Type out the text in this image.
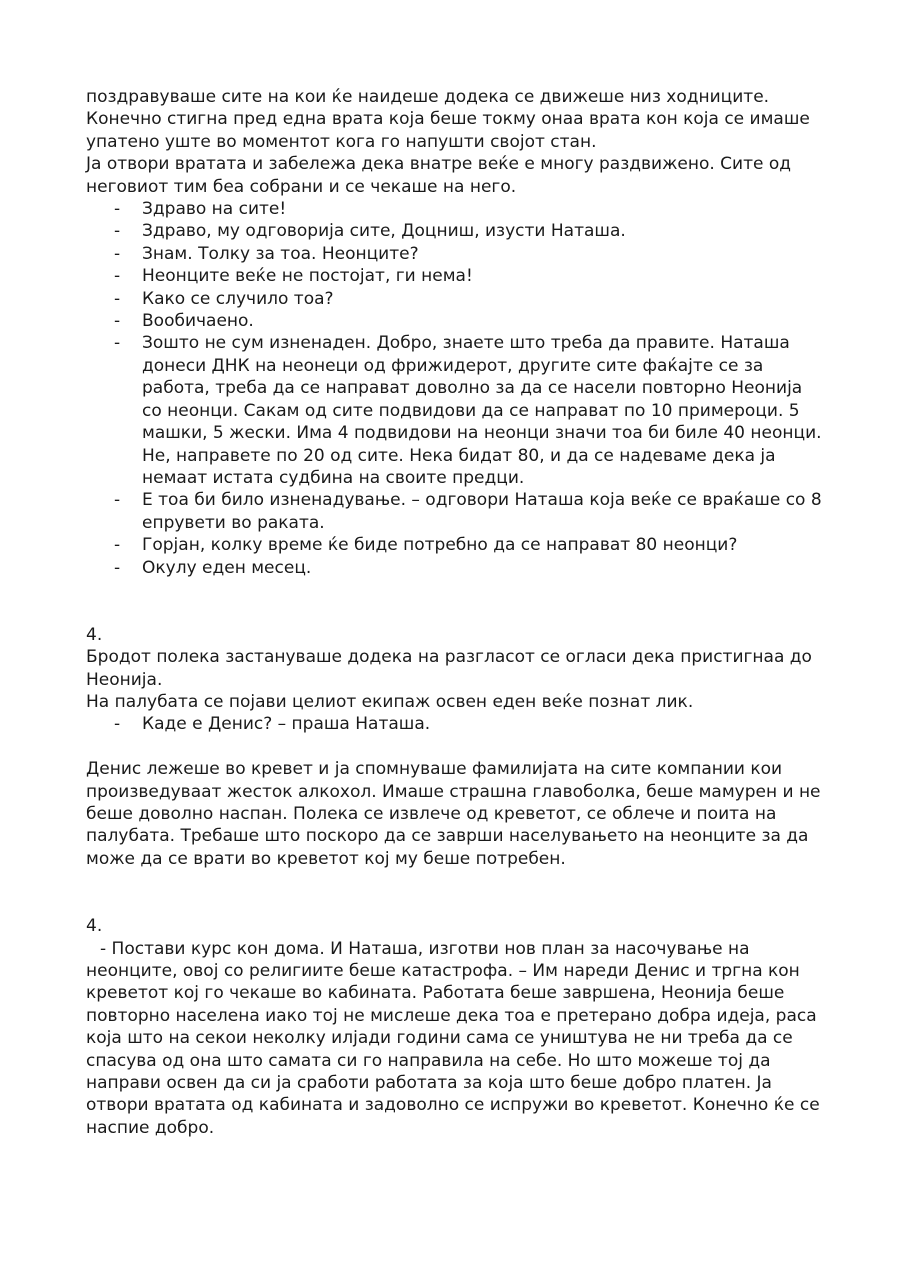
поздравуваше сите на кои ќе наидеше додека се движеше низ ходниците. Конечно стигна пред една врата која беше токму онаа врата кон која се имаше упатено уште во моментот кога го напушти својот стан.

Ја отвори вратата и забележа дека внатре веќе е многу раздвижено. Сите од неговиот тим беа собрани и се чекаше на него.

- Здраво на сите!
- Здраво, му одговорија сите, Доцниш, изусти Наташа.
- Знам. Толку за тоа. Неонците?
- Неонците веќе не постојат, ги нема!
- Како се случило тоа?
- Вообичаено.
- Зошто не сум изненаден. Добро, знаете што треба да правите. Наташа донеси ДНК на неонеци од фрижидерот, другите сите фаќајте се за работа, треба да се направат доволно за да се насели повторно Неонија со неонци. Сакам од сите подвидови да се направат по 10 примероци. 5 машки, 5 жески. Има 4 подвидови на неонци значи тоа би биле 40 неонци. Не, направете по 20 од сите. Нека бидат 80, и да се надеваме дека ја немаат истата судбина на своите предци.
- Е тоа би било изненадување. – одговори Наташа која веќе се враќаше со 8 епрувети во раката.
- Горјан, колку време ќе биде потребно да се направат 80 неонци?
- Окулу еден месец.

4.

Бродот полека застануваше додека на разгласот се огласи дека пристигнаа до Неонија.

На палубата се појави целиот екипаж освен еден веќе познат лик.

- Каде е Денис? – праша Наташа.

Денис лежеше во кревет и ја спомнуваше фамилијата на сите компании кои произведуваат жесток алкохол. Имаше страшна главоболка, беше мамурен и не беше доволно наспан. Полека се извлече од креветот, се облече и поита на палубата. Требаше што поскоро да се заврши населувањето на неонците за да може да се врати во креветот кој му беше потребен.

4.

- Постави курс кон дома. И Наташа, изготви нов план за насочување на неонците, овој со религиите беше катастрофа. – Им нареди Денис и тргна кон креветот кој го чекаше во кабината. Работата беше завршена, Неонија беше повторно населена иако тој не мислеше дека тоа е претерано добра идеја, раса која што на секои неколку илјади години сама се уништува не ни треба да се спасува од она што самата си го направила на себе. Но што можеше тој да направи освен да си ја сработи работата за која што беше добро платен. Ја отвори вратата од кабината и задоволно се испружи во креветот. Конечно ќе се наспие добро.
